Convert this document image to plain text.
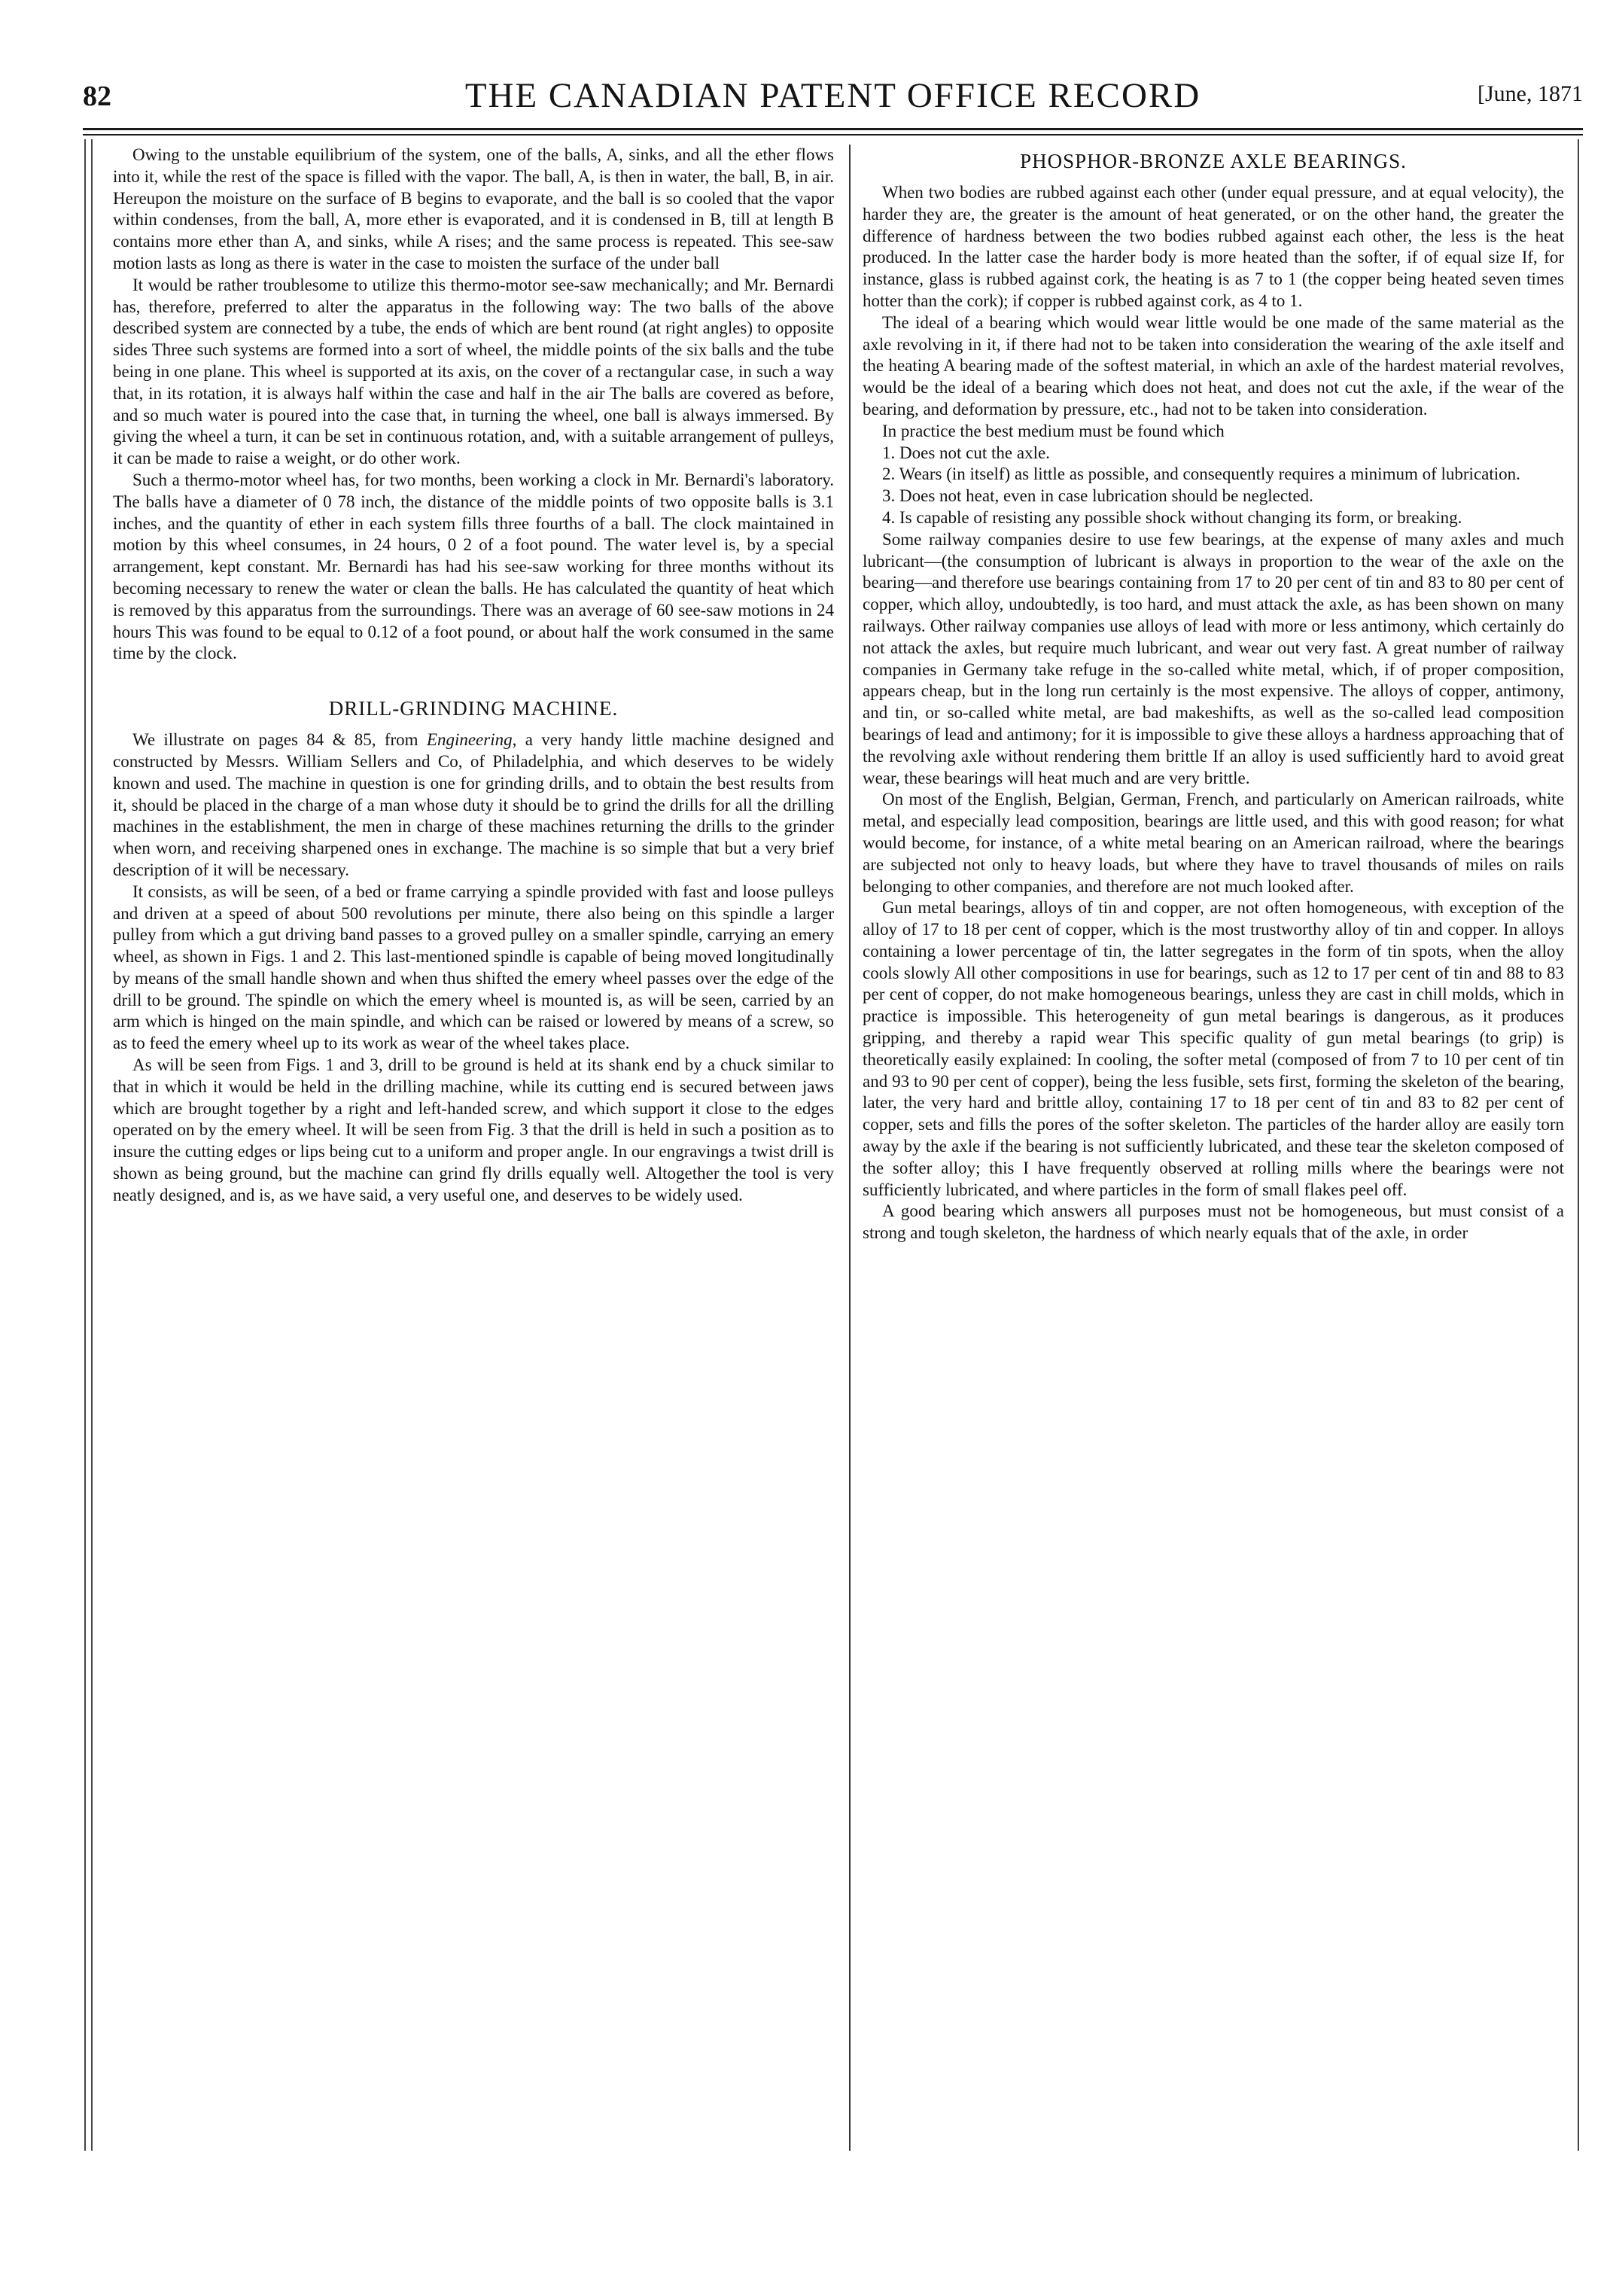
82	THE CANADIAN PATENT OFFICE RECORD	[June, 1871

Owing to the unstable equilibrium of the system, one of the balls, A, sinks, and all the ether flows into it, while the rest of the space is filled with the vapor. The ball, A, is then in water, the ball, B, in air. Hereupon the moisture on the surface of B begins to evaporate, and the ball is so cooled that the vapor within condenses, from the ball, A, more ether is evaporated, and it is condensed in B, till at length B contains more ether than A, and sinks, while A rises; and the same process is repeated. This see-saw motion lasts as long as there is water in the case to moisten the surface of the under ball

It would be rather troublesome to utilize this thermo-motor see-saw mechanically; and Mr. Bernardi has, therefore, preferred to alter the apparatus in the following way: The two balls of the above described system are connected by a tube, the ends of which are bent round (at right angles) to opposite sides Three such systems are formed into a sort of wheel, the middle points of the six balls and the tube being in one plane. This wheel is supported at its axis, on the cover of a rectangular case, in such a way that, in its rotation, it is always half within the case and half in the air The balls are covered as before, and so much water is poured into the case that, in turning the wheel, one ball is always immersed. By giving the wheel a turn, it can be set in continuous rotation, and, with a suitable arrangement of pulleys, it can be made to raise a weight, or do other work.

Such a thermo-motor wheel has, for two months, been working a clock in Mr. Bernardi's laboratory. The balls have a diameter of 0 78 inch, the distance of the middle points of two opposite balls is 3.1 inches, and the quantity of ether in each system fills three fourths of a ball. The clock maintained in motion by this wheel consumes, in 24 hours, 0 2 of a foot pound. The water level is, by a special arrangement, kept constant. Mr. Bernardi has had his see-saw working for three months without its becoming necessary to renew the water or clean the balls. He has calculated the quantity of heat which is removed by this apparatus from the surroundings. There was an average of 60 see-saw motions in 24 hours This was found to be equal to 0.12 of a foot pound, or about half the work consumed in the same time by the clock.

DRILL-GRINDING MACHINE.

We illustrate on pages 84 & 85, from Engineering, a very handy little machine designed and constructed by Messrs. William Sellers and Co, of Philadelphia, and which deserves to be widely known and used. The machine in question is one for grinding drills, and to obtain the best results from it, should be placed in the charge of a man whose duty it should be to grind the drills for all the drilling machines in the establishment, the men in charge of these machines returning the drills to the grinder when worn, and receiving sharpened ones in exchange. The machine is so simple that but a very brief description of it will be necessary.

It consists, as will be seen, of a bed or frame carrying a spindle provided with fast and loose pulleys and driven at a speed of about 500 revolutions per minute, there also being on this spindle a larger pulley from which a gut driving band passes to a groved pulley on a smaller spindle, carrying an emery wheel, as shown in Figs. 1 and 2. This last-mentioned spindle is capable of being moved longitudinally by means of the small handle shown and when thus shifted the emery wheel passes over the edge of the drill to be ground. The spindle on which the emery wheel is mounted is, as will be seen, carried by an arm which is hinged on the main spindle, and which can be raised or lowered by means of a screw, so as to feed the emery wheel up to its work as wear of the wheel takes place.

As will be seen from Figs. 1 and 3, drill to be ground is held at its shank end by a chuck similar to that in which it would be held in the drilling machine, while its cutting end is secured between jaws which are brought together by a right and left-handed screw, and which support it close to the edges operated on by the emery wheel. It will be seen from Fig. 3 that the drill is held in such a position as to insure the cutting edges or lips being cut to a uniform and proper angle. In our engravings a twist drill is shown as being ground, but the machine can grind fly drills equally well. Altogether the tool is very neatly designed, and is, as we have said, a very useful one, and deserves to be widely used.

PHOSPHOR-BRONZE AXLE BEARINGS.

When two bodies are rubbed against each other (under equal pressure, and at equal velocity), the harder they are, the greater is the amount of heat generated, or on the other hand, the greater the difference of hardness between the two bodies rubbed against each other, the less is the heat produced. In the latter case the harder body is more heated than the softer, if of equal size If, for instance, glass is rubbed against cork, the heating is as 7 to 1 (the copper being heated seven times hotter than the cork); if copper is rubbed against cork, as 4 to 1.

The ideal of a bearing which would wear little would be one made of the same material as the axle revolving in it, if there had not to be taken into consideration the wearing of the axle itself and the heating A bearing made of the softest material, in which an axle of the hardest material revolves, would be the ideal of a bearing which does not heat, and does not cut the axle, if the wear of the bearing, and deformation by pressure, etc., had not to be taken into consideration.

In practice the best medium must be found which

1. Does not cut the axle.

2. Wears (in itself) as little as possible, and consequently requires a minimum of lubrication.

3. Does not heat, even in case lubrication should be neglected.

4. Is capable of resisting any possible shock without changing its form, or breaking.

Some railway companies desire to use few bearings, at the expense of many axles and much lubricant—(the consumption of lubricant is always in proportion to the wear of the axle on the bearing—and therefore use bearings containing from 17 to 20 per cent of tin and 83 to 80 per cent of copper, which alloy, undoubtedly, is too hard, and must attack the axle, as has been shown on many railways. Other railway companies use alloys of lead with more or less antimony, which certainly do not attack the axles, but require much lubricant, and wear out very fast. A great number of railway companies in Germany take refuge in the so-called white metal, which, if of proper composition, appears cheap, but in the long run certainly is the most expensive. The alloys of copper, antimony, and tin, or so-called white metal, are bad makeshifts, as well as the so-called lead composition bearings of lead and antimony; for it is impossible to give these alloys a hardness approaching that of the revolving axle without rendering them brittle If an alloy is used sufficiently hard to avoid great wear, these bearings will heat much and are very brittle.

On most of the English, Belgian, German, French, and particularly on American railroads, white metal, and especially lead composition, bearings are little used, and this with good reason; for what would become, for instance, of a white metal bearing on an American railroad, where the bearings are subjected not only to heavy loads, but where they have to travel thousands of miles on rails belonging to other companies, and therefore are not much looked after.

Gun metal bearings, alloys of tin and copper, are not often homogeneous, with exception of the alloy of 17 to 18 per cent of copper, which is the most trustworthy alloy of tin and copper. In alloys containing a lower percentage of tin, the latter segregates in the form of tin spots, when the alloy cools slowly All other compositions in use for bearings, such as 12 to 17 per cent of tin and 88 to 83 per cent of copper, do not make homogeneous bearings, unless they are cast in chill molds, which in practice is impossible. This heterogeneity of gun metal bearings is dangerous, as it produces gripping, and thereby a rapid wear This specific quality of gun metal bearings (to grip) is theoretically easily explained: In cooling, the softer metal (composed of from 7 to 10 per cent of tin and 93 to 90 per cent of copper), being the less fusible, sets first, forming the skeleton of the bearing, later, the very hard and brittle alloy, containing 17 to 18 per cent of tin and 83 to 82 per cent of copper, sets and fills the pores of the softer skeleton. The particles of the harder alloy are easily torn away by the axle if the bearing is not sufficiently lubricated, and these tear the skeleton composed of the softer alloy; this I have frequently observed at rolling mills where the bearings were not sufficiently lubricated, and where particles in the form of small flakes peel off.

A good bearing which answers all purposes must not be homogeneous, but must consist of a strong and tough skeleton, the hardness of which nearly equals that of the axle, in order
